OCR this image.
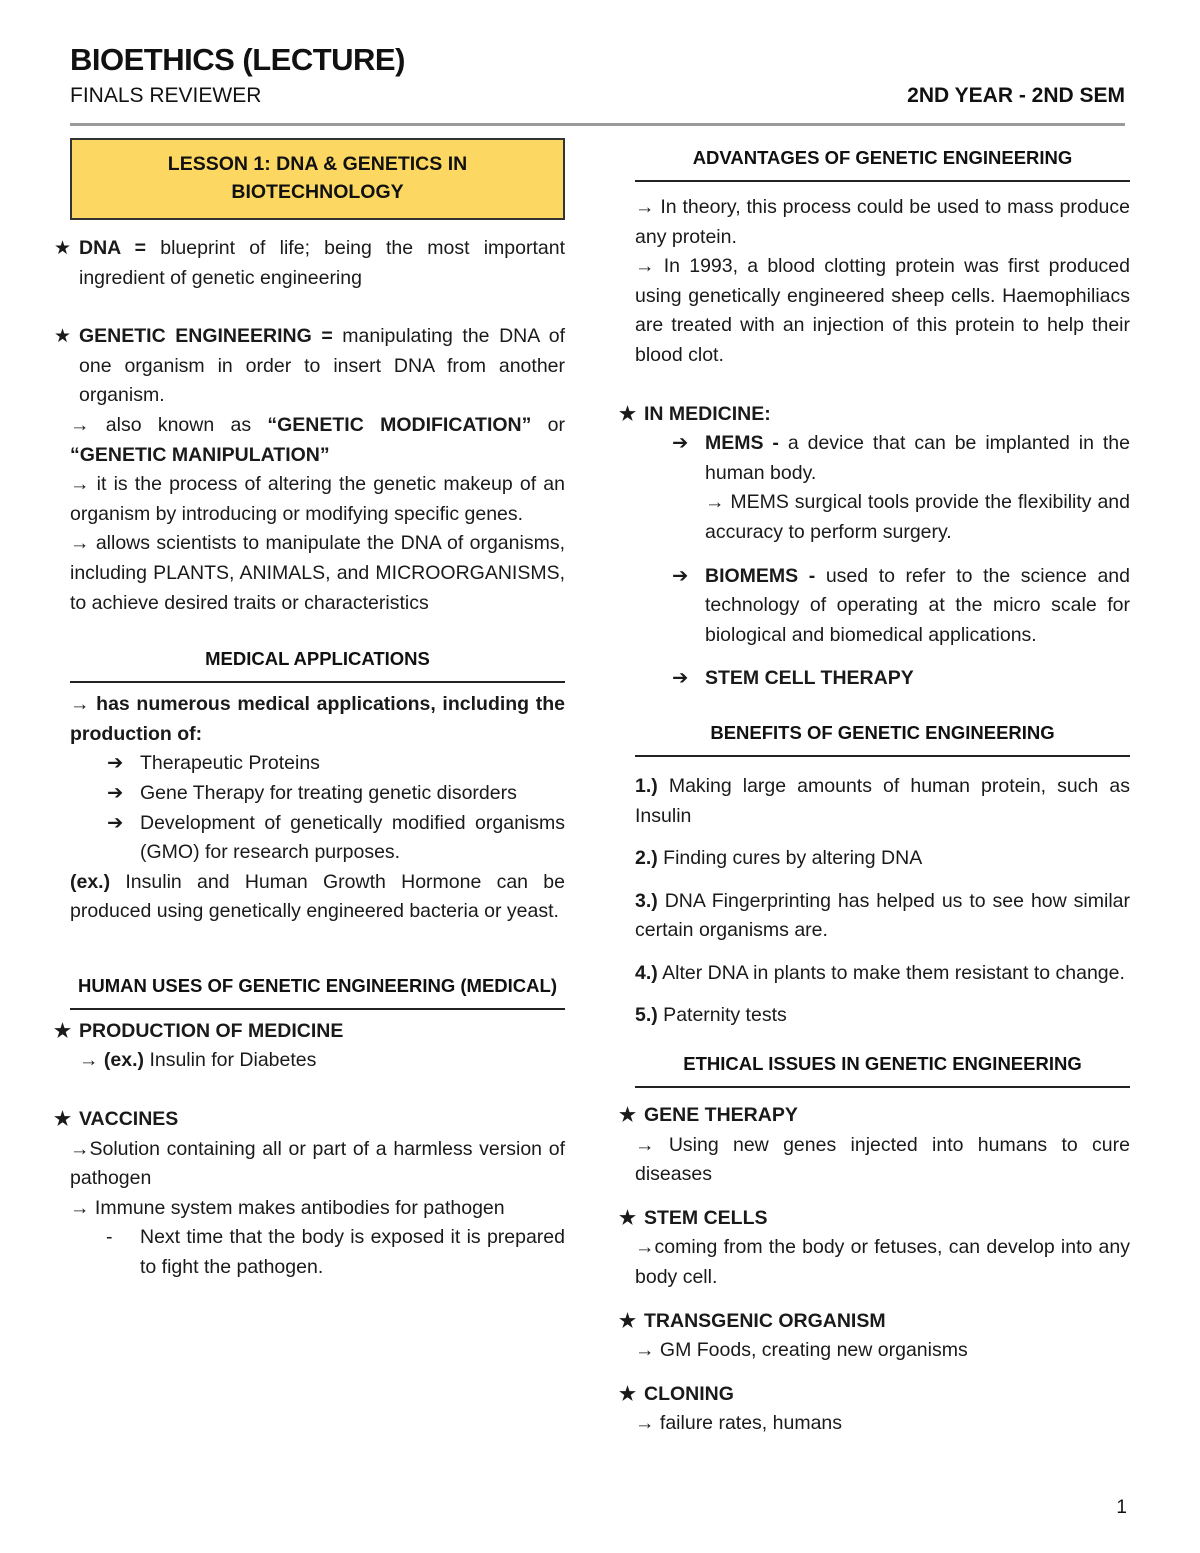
BIOETHICS (LECTURE)
FINALS REVIEWER	2ND YEAR - 2ND SEM
LESSON 1: DNA & GENETICS IN BIOTECHNOLOGY

★ DNA = blueprint of life; being the most important ingredient of genetic engineering

★ GENETIC ENGINEERING = manipulating the DNA of one organism in order to insert DNA from another organism.

→ also known as “GENETIC MODIFICATION” or “GENETIC MANIPULATION”

→ it is the process of altering the genetic makeup of an organism by introducing or modifying specific genes.

→ allows scientists to manipulate the DNA of organisms, including PLANTS, ANIMALS, and MICROORGANISMS, to achieve desired traits or characteristics

MEDICAL APPLICATIONS

→ has numerous medical applications, including the production of:

➔ Therapeutic Proteins
➔ Gene Therapy for treating genetic disorders
➔ Development of genetically modified organisms (GMO) for research purposes.

(ex.) Insulin and Human Growth Hormone can be produced using genetically engineered bacteria or yeast.

HUMAN USES OF GENETIC ENGINEERING (MEDICAL)

★ PRODUCTION OF MEDICINE

→ (ex.) Insulin for Diabetes

★ VACCINES

→Solution containing all or part of a harmless version of pathogen

→ Immune system makes antibodies for pathogen

- Next time that the body is exposed it is prepared to fight the pathogen.

ADVANTAGES OF GENETIC ENGINEERING

→ In theory, this process could be used to mass produce any protein.

→ In 1993, a blood clotting protein was first produced using genetically engineered sheep cells. Haemophiliacs are treated with an injection of this protein to help their blood clot.

★ IN MEDICINE:

➔ MEMS - a device that can be implanted in the human body.

→ MEMS surgical tools provide the flexibility and accuracy to perform surgery.

➔ BIOMEMS - used to refer to the science and technology of operating at the micro scale for biological and biomedical applications.

➔ STEM CELL THERAPY
BENEFITS OF GENETIC ENGINEERING

1.) Making large amounts of human protein, such as Insulin

2.) Finding cures by altering DNA

3.) DNA Fingerprinting has helped us to see how similar certain organisms are.

4.) Alter DNA in plants to make them resistant to change.

5.) Paternity tests

ETHICAL ISSUES IN GENETIC ENGINEERING

★ GENE THERAPY

→ Using new genes injected into humans to cure diseases

★ STEM CELLS

→coming from the body or fetuses, can develop into any body cell.

★ TRANSGENIC ORGANISM

→ GM Foods, creating new organisms

★ CLONING

→ failure rates, humans

1
